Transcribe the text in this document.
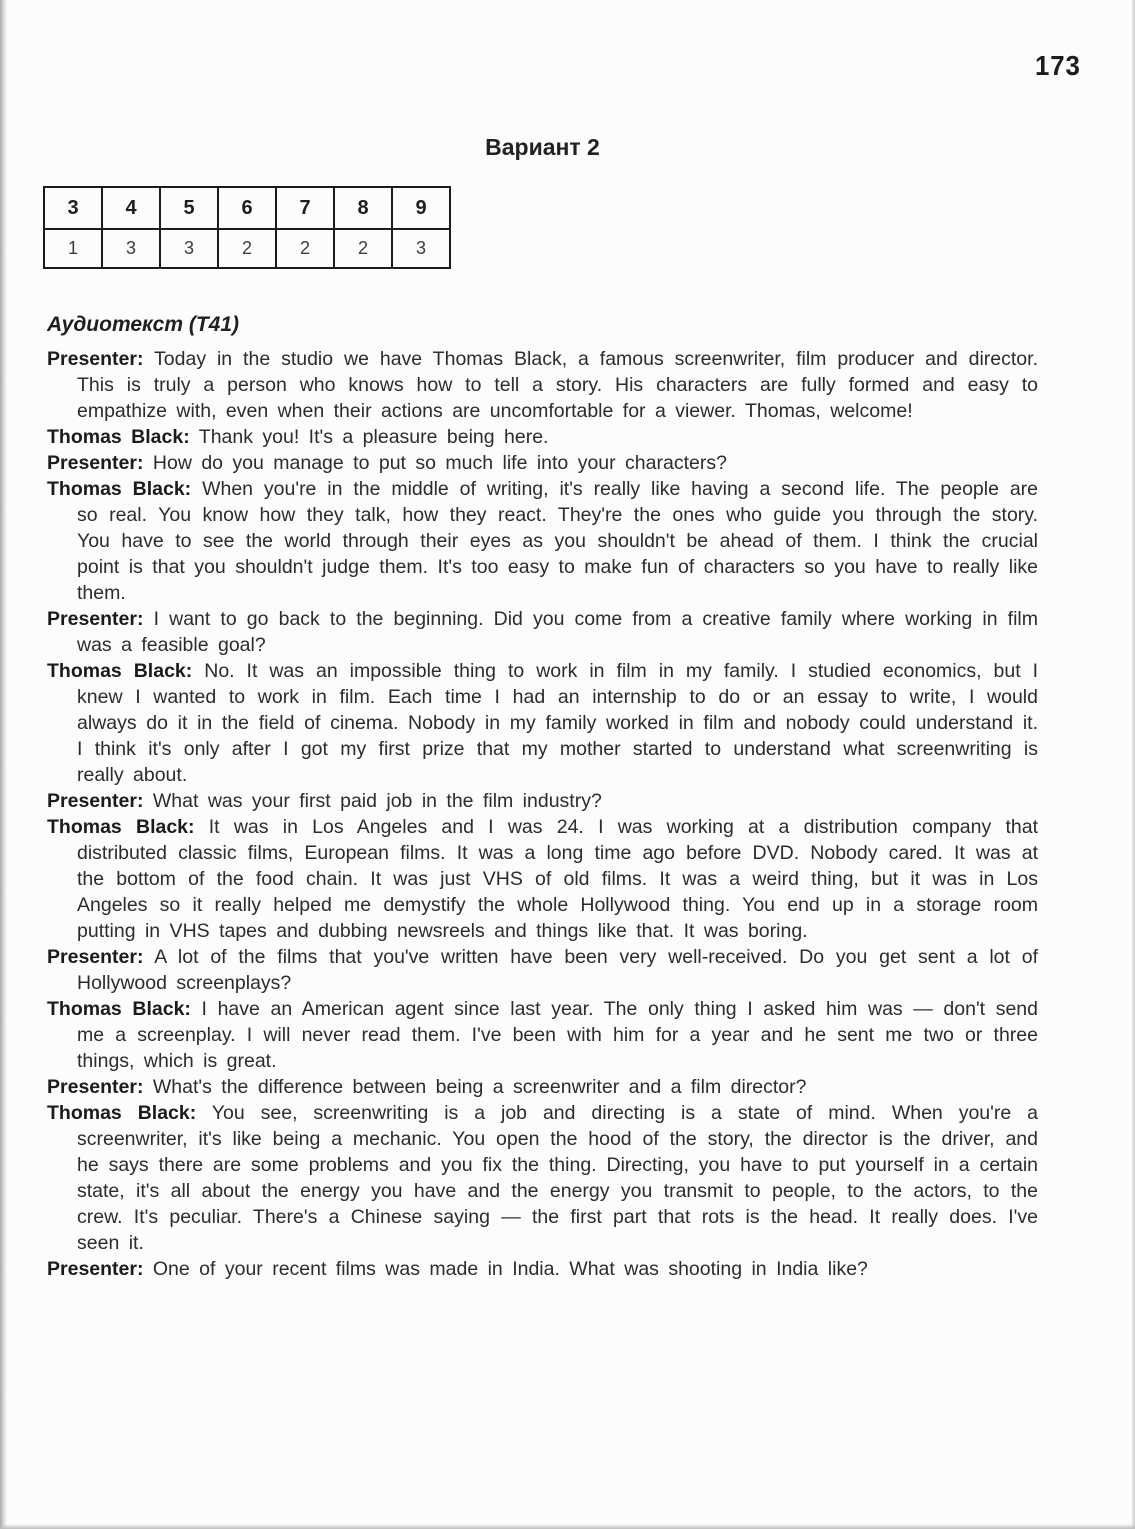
173
Вариант 2
3	4	5	6	7	8	9
1	3	3	2	2	2	3
Аудиотекст (Т41)

Presenter: Today in the studio we have Thomas Black, a famous screenwriter, film producer and director. This is truly a person who knows how to tell a story. His characters are fully formed and easy to empathize with, even when their actions are uncomfortable for a viewer. Thomas, welcome!

Thomas Black: Thank you! It's a pleasure being here.

Presenter: How do you manage to put so much life into your characters?

Thomas Black: When you're in the middle of writing, it's really like having a second life. The people are so real. You know how they talk, how they react. They're the ones who guide you through the story. You have to see the world through their eyes as you shouldn't be ahead of them. I think the crucial point is that you shouldn't judge them. It's too easy to make fun of characters so you have to really like them.

Presenter: I want to go back to the beginning. Did you come from a creative family where working in film was a feasible goal?

Thomas Black: No. It was an impossible thing to work in film in my family. I studied economics, but I knew I wanted to work in film. Each time I had an internship to do or an essay to write, I would always do it in the field of cinema. Nobody in my family worked in film and nobody could understand it. I think it's only after I got my first prize that my mother started to understand what screenwriting is really about.

Presenter: What was your first paid job in the film industry?

Thomas Black: It was in Los Angeles and I was 24. I was working at a distribution company that distributed classic films, European films. It was a long time ago before DVD. Nobody cared. It was at the bottom of the food chain. It was just VHS of old films. It was a weird thing, but it was in Los Angeles so it really helped me demystify the whole Hollywood thing. You end up in a storage room putting in VHS tapes and dubbing newsreels and things like that. It was boring.

Presenter: A lot of the films that you've written have been very well-received. Do you get sent a lot of Hollywood screenplays?

Thomas Black: I have an American agent since last year. The only thing I asked him was — don't send me a screenplay. I will never read them. I've been with him for a year and he sent me two or three things, which is great.

Presenter: What's the difference between being a screenwriter and a film director?

Thomas Black: You see, screenwriting is a job and directing is a state of mind. When you're a screenwriter, it's like being a mechanic. You open the hood of the story, the director is the driver, and he says there are some problems and you fix the thing. Directing, you have to put yourself in a certain state, it's all about the energy you have and the energy you transmit to people, to the actors, to the crew. It's peculiar. There's a Chinese saying — the first part that rots is the head. It really does. I've seen it.

Presenter: One of your recent films was made in India. What was shooting in India like?
